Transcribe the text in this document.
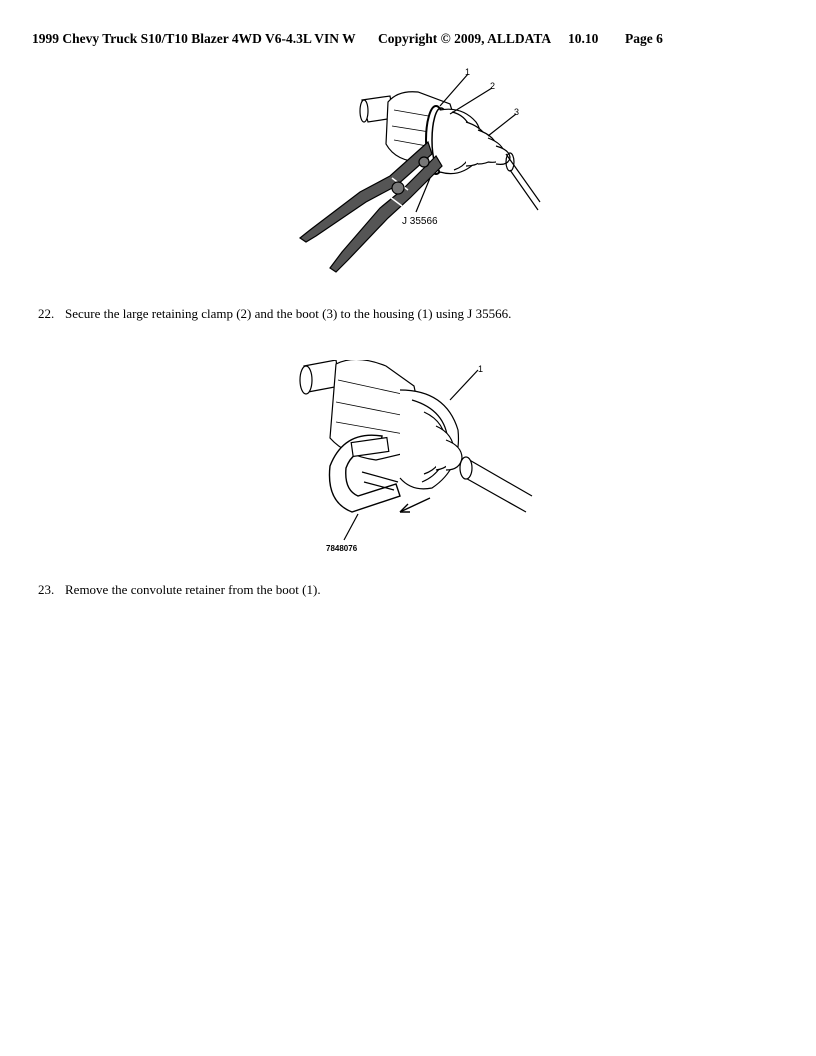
1999 Chevy Truck S10/T10 Blazer 4WD V6-4.3L VIN W Copyright © 2009, ALLDATA 10.10 Page 6
1
2
3
J 35566
22. Secure the large retaining clamp (2) and the boot (3) to the housing (1) using J 35566.
1
7848076
23. Remove the convolute retainer from the boot (1).
